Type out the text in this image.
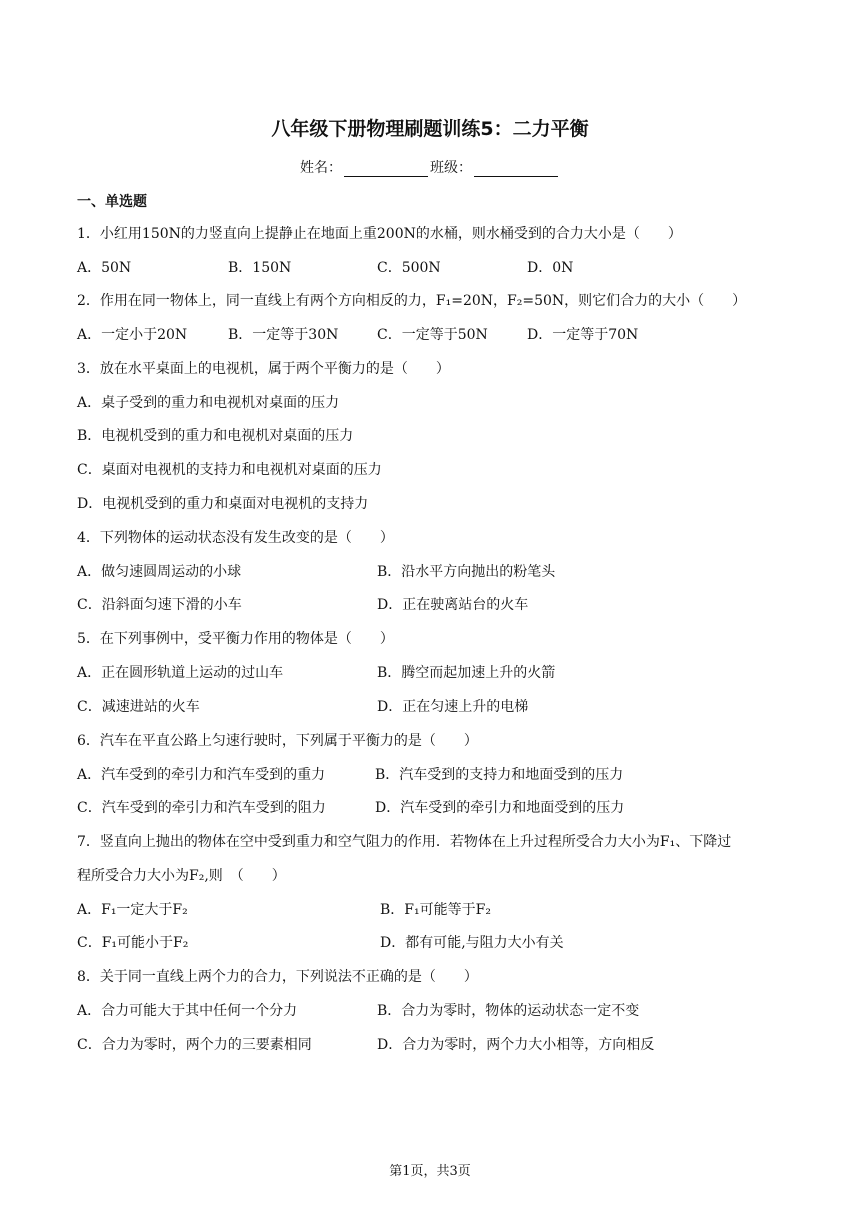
八年级下册物理刷题训练5：二力平衡
姓名：	班级：
一、单选题
1．小红用150N的力竖直向上提静止在地面上重200N的水桶，则水桶受到的合力大小是（　　）
A．50N	B．150N	C．500N	D．0N
2．作用在同一物体上，同一直线上有两个方向相反的力，F₁=20N，F₂=50N，则它们合力的大小（　　）
A．一定小于20N	B．一定等于30N	C．一定等于50N	D．一定等于70N
3．放在水平桌面上的电视机，属于两个平衡力的是（　　）
A．桌子受到的重力和电视机对桌面的压力
B．电视机受到的重力和电视机对桌面的压力
C．桌面对电视机的支持力和电视机对桌面的压力
D．电视机受到的重力和桌面对电视机的支持力
4．下列物体的运动状态没有发生改变的是（　　）
A．做匀速圆周运动的小球	B．沿水平方向抛出的粉笔头
C．沿斜面匀速下滑的小车	D．正在驶离站台的火车
5．在下列事例中，受平衡力作用的物体是（　　）
A．正在圆形轨道上运动的过山车	B．腾空而起加速上升的火箭
C．减速进站的火车	D．正在匀速上升的电梯
6．汽车在平直公路上匀速行驶时，下列属于平衡力的是（　　）
A．汽车受到的牵引力和汽车受到的重力	B．汽车受到的支持力和地面受到的压力
C．汽车受到的牵引力和汽车受到的阻力	D．汽车受到的牵引力和地面受到的压力
7．竖直向上抛出的物体在空中受到重力和空气阻力的作用．若物体在上升过程所受合力大小为F₁、下降过
程所受合力大小为F₂,则　（　　）
A．F₁一定大于F₂	B．F₁可能等于F₂
C．F₁可能小于F₂	D．都有可能,与阻力大小有关
8．关于同一直线上两个力的合力，下列说法不正确的是（　　）
A．合力可能大于其中任何一个分力	B．合力为零时，物体的运动状态一定不变
C．合力为零时，两个力的三要素相同	D．合力为零时，两个力大小相等，方向相反
第1页，共3页
